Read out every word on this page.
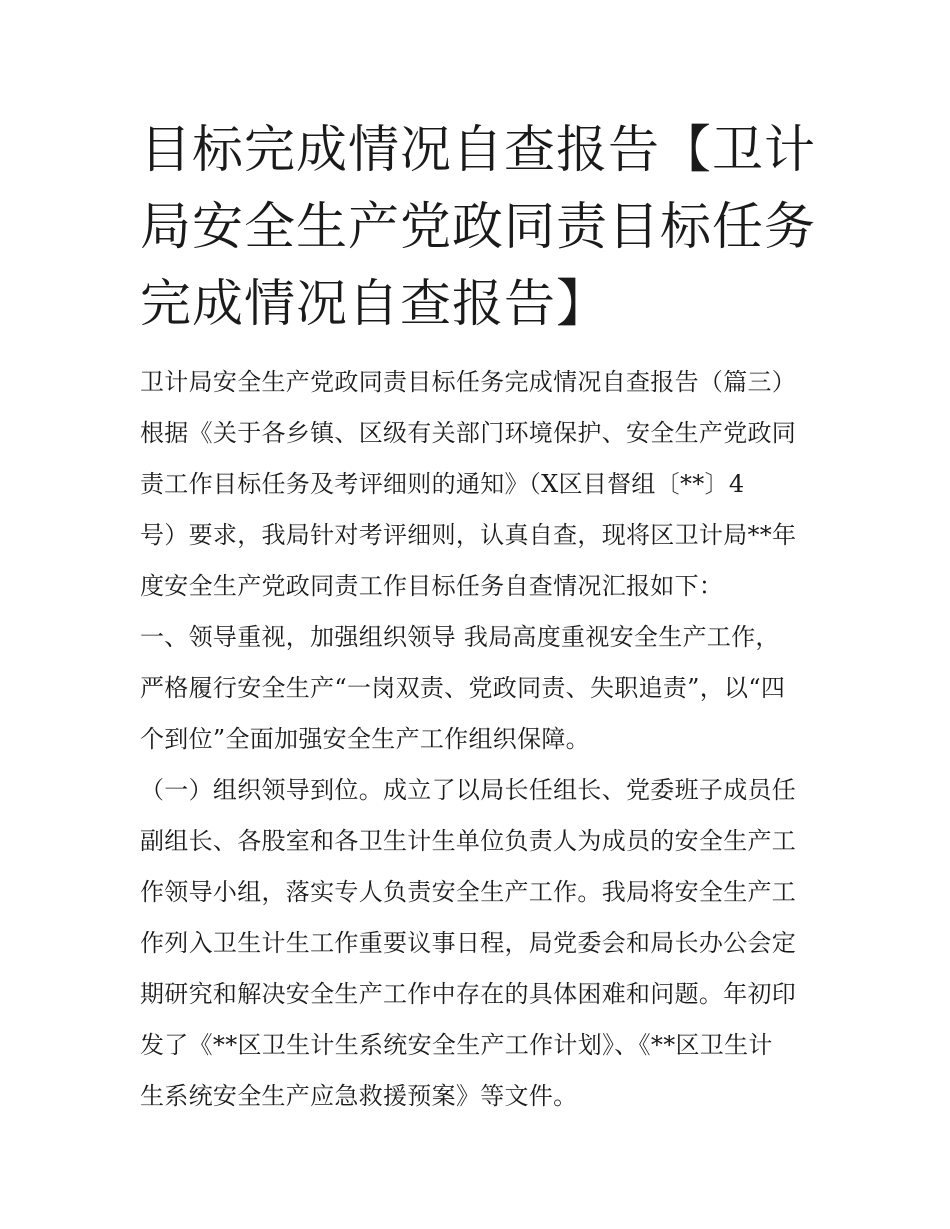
目标完成情况自查报告【卫计
局安全生产党政同责目标任务
完成情况自查报告】
卫计局安全生产党政同责目标任务完成情况自查报告（篇三）
根据《关于各乡镇、区级有关部门环境保护、安全生产党政同
责工作目标任务及考评细则的通知》（X区目督组〔**〕4
号）要求，我局针对考评细则，认真自查，现将区卫计局**年
度安全生产党政同责工作目标任务自查情况汇报如下：
一、领导重视，加强组织领导 我局高度重视安全生产工作，
严格履行安全生产“一岗双责、党政同责、失职追责”，以“四
个到位”全面加强安全生产工作组织保障。
（一）组织领导到位。成立了以局长任组长、党委班子成员任
副组长、各股室和各卫生计生单位负责人为成员的安全生产工
作领导小组，落实专人负责安全生产工作。我局将安全生产工
作列入卫生计生工作重要议事日程，局党委会和局长办公会定
期研究和解决安全生产工作中存在的具体困难和问题。年初印
发了《**区卫生计生系统安全生产工作计划》、《**区卫生计
生系统安全生产应急救援预案》等文件。
